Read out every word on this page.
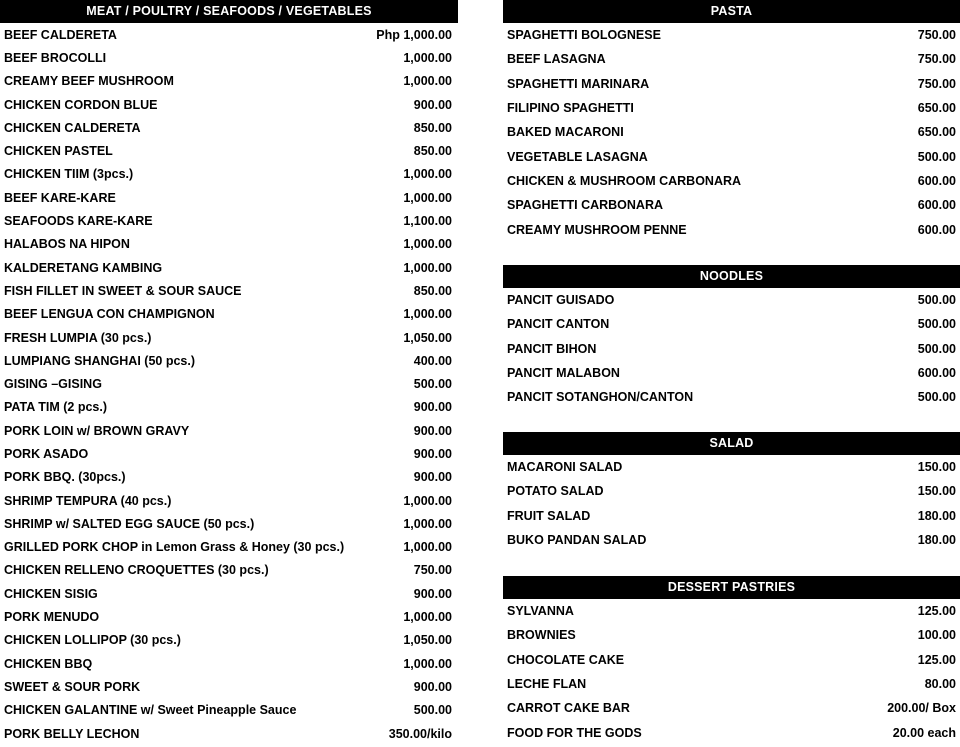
MEAT / POULTRY / SEAFOODS / VEGETABLES
BEEF CALDERETA	Php 1,000.00
BEEF BROCOLLI	1,000.00
CREAMY BEEF MUSHROOM	1,000.00
CHICKEN CORDON BLUE	900.00
CHICKEN CALDERETA	850.00
CHICKEN PASTEL	850.00
CHICKEN TIIM (3pcs.)	1,000.00
BEEF KARE-KARE	1,000.00
SEAFOODS KARE-KARE	1,100.00
HALABOS NA HIPON	1,000.00
KALDERETANG KAMBING	1,000.00
FISH FILLET IN SWEET & SOUR SAUCE	850.00
BEEF LENGUA CON CHAMPIGNON	1,000.00
FRESH LUMPIA (30 pcs.)	1,050.00
LUMPIANG SHANGHAI (50 pcs.)	400.00
GISING –GISING	500.00
PATA TIM (2 pcs.)	900.00
PORK LOIN w/ BROWN GRAVY	900.00
PORK ASADO	900.00
PORK BBQ. (30pcs.)	900.00
SHRIMP TEMPURA (40 pcs.)	1,000.00
SHRIMP w/ SALTED EGG SAUCE (50 pcs.)	1,000.00
GRILLED PORK CHOP in Lemon Grass & Honey (30 pcs.)	1,000.00
CHICKEN RELLENO CROQUETTES (30 pcs.)	750.00
CHICKEN SISIG	900.00
PORK MENUDO	1,000.00
CHICKEN LOLLIPOP (30 pcs.)	1,050.00
CHICKEN BBQ	1,000.00
SWEET & SOUR PORK	900.00
CHICKEN GALANTINE w/ Sweet Pineapple Sauce	500.00
PORK BELLY LECHON	350.00/kilo
PASTA
SPAGHETTI BOLOGNESE	750.00
BEEF LASAGNA	750.00
SPAGHETTI MARINARA	750.00
FILIPINO SPAGHETTI	650.00
BAKED MACARONI	650.00
VEGETABLE LASAGNA	500.00
CHICKEN & MUSHROOM CARBONARA	600.00
SPAGHETTI CARBONARA	600.00
CREAMY MUSHROOM PENNE	600.00
NOODLES
PANCIT GUISADO	500.00
PANCIT CANTON	500.00
PANCIT BIHON	500.00
PANCIT MALABON	600.00
PANCIT SOTANGHON/CANTON	500.00
SALAD
MACARONI SALAD	150.00
POTATO SALAD	150.00
FRUIT SALAD	180.00
BUKO PANDAN SALAD	180.00
DESSERT PASTRIES
SYLVANNA	125.00
BROWNIES	100.00
CHOCOLATE CAKE	125.00
LECHE FLAN	80.00
CARROT CAKE BAR	200.00/ Box
FOOD FOR THE GODS	20.00 each
